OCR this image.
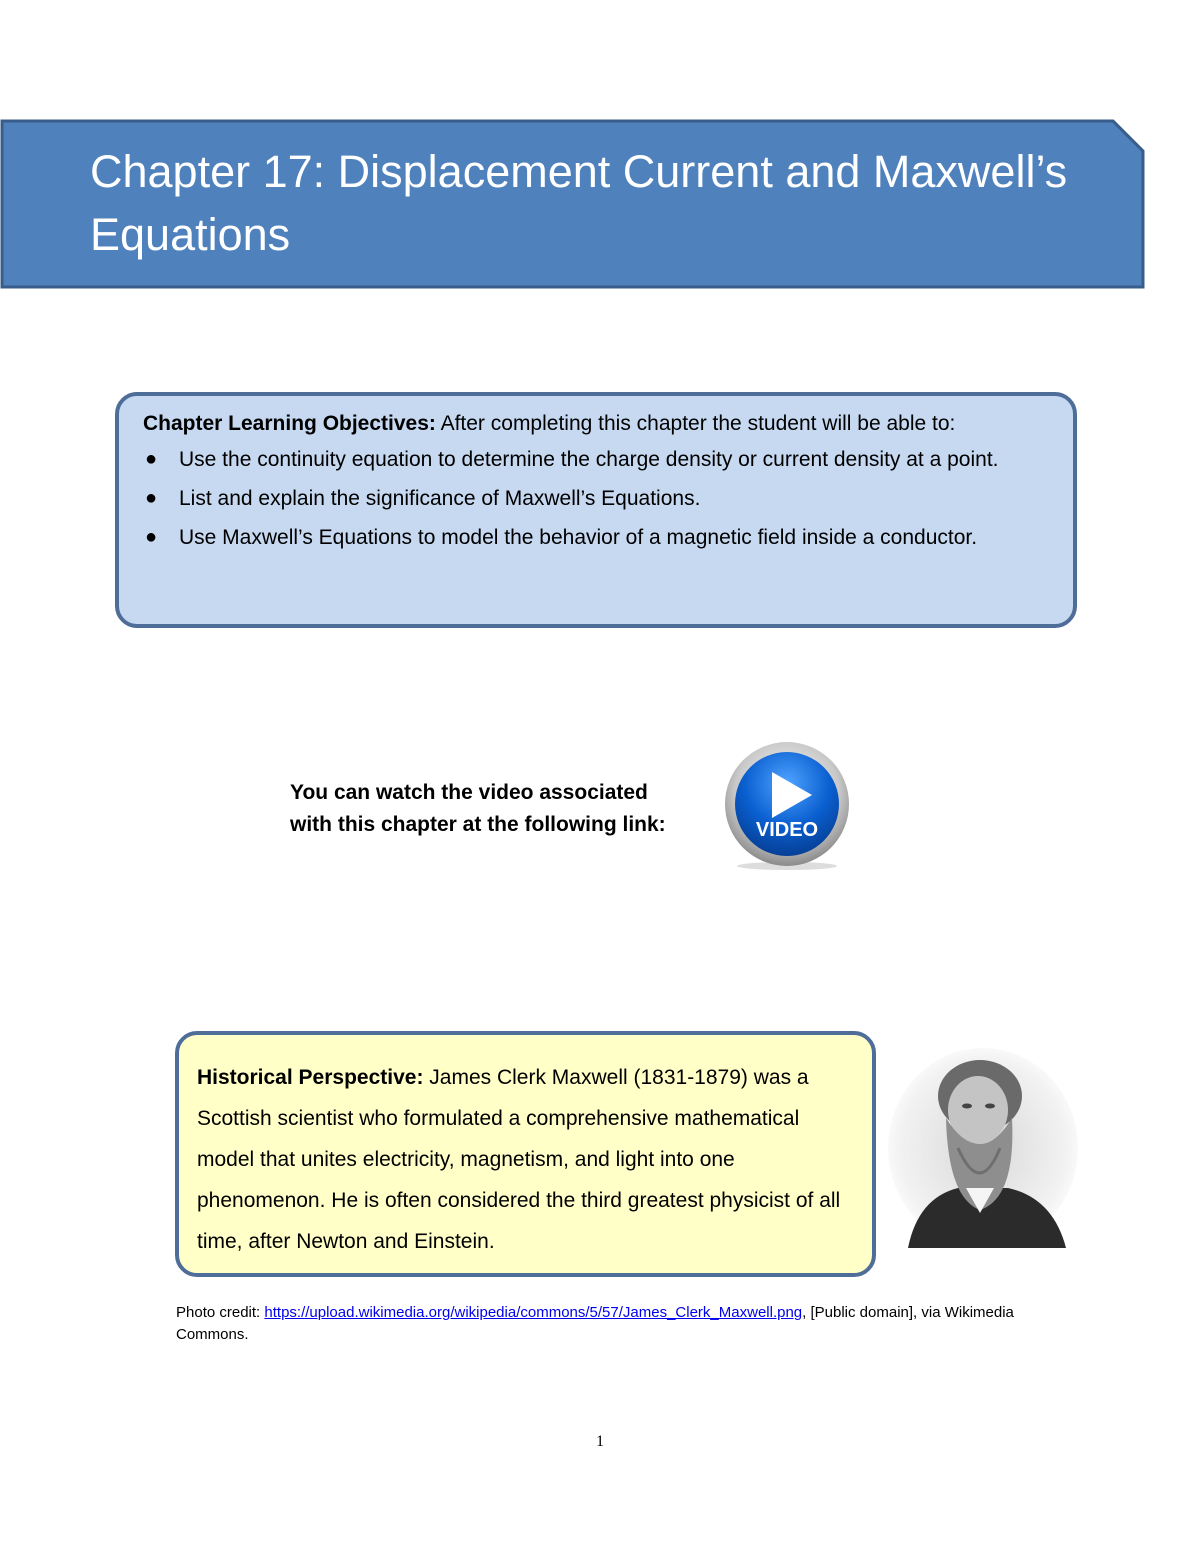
Chapter 17: Displacement Current and Maxwell’s Equations

Chapter Learning Objectives: After completing this chapter the student will be able to:

● Use the continuity equation to determine the charge density or current density at a point.
● List and explain the significance of Maxwell’s Equations.
● Use Maxwell’s Equations to model the behavior of a magnetic field inside a conductor.
You can watch the video associated
with this chapter at the following link:	VIDEO

Historical Perspective: James Clerk Maxwell (1831-1879) was a Scottish scientist who formulated a comprehensive mathematical model that unites electricity, magnetism, and light into one phenomenon. He is often considered the third greatest physicist of all time, after Newton and Einstein.

Photo credit: https://upload.wikimedia.org/wikipedia/commons/5/57/James_Clerk_Maxwell.png, [Public domain], via Wikimedia Commons.
1
